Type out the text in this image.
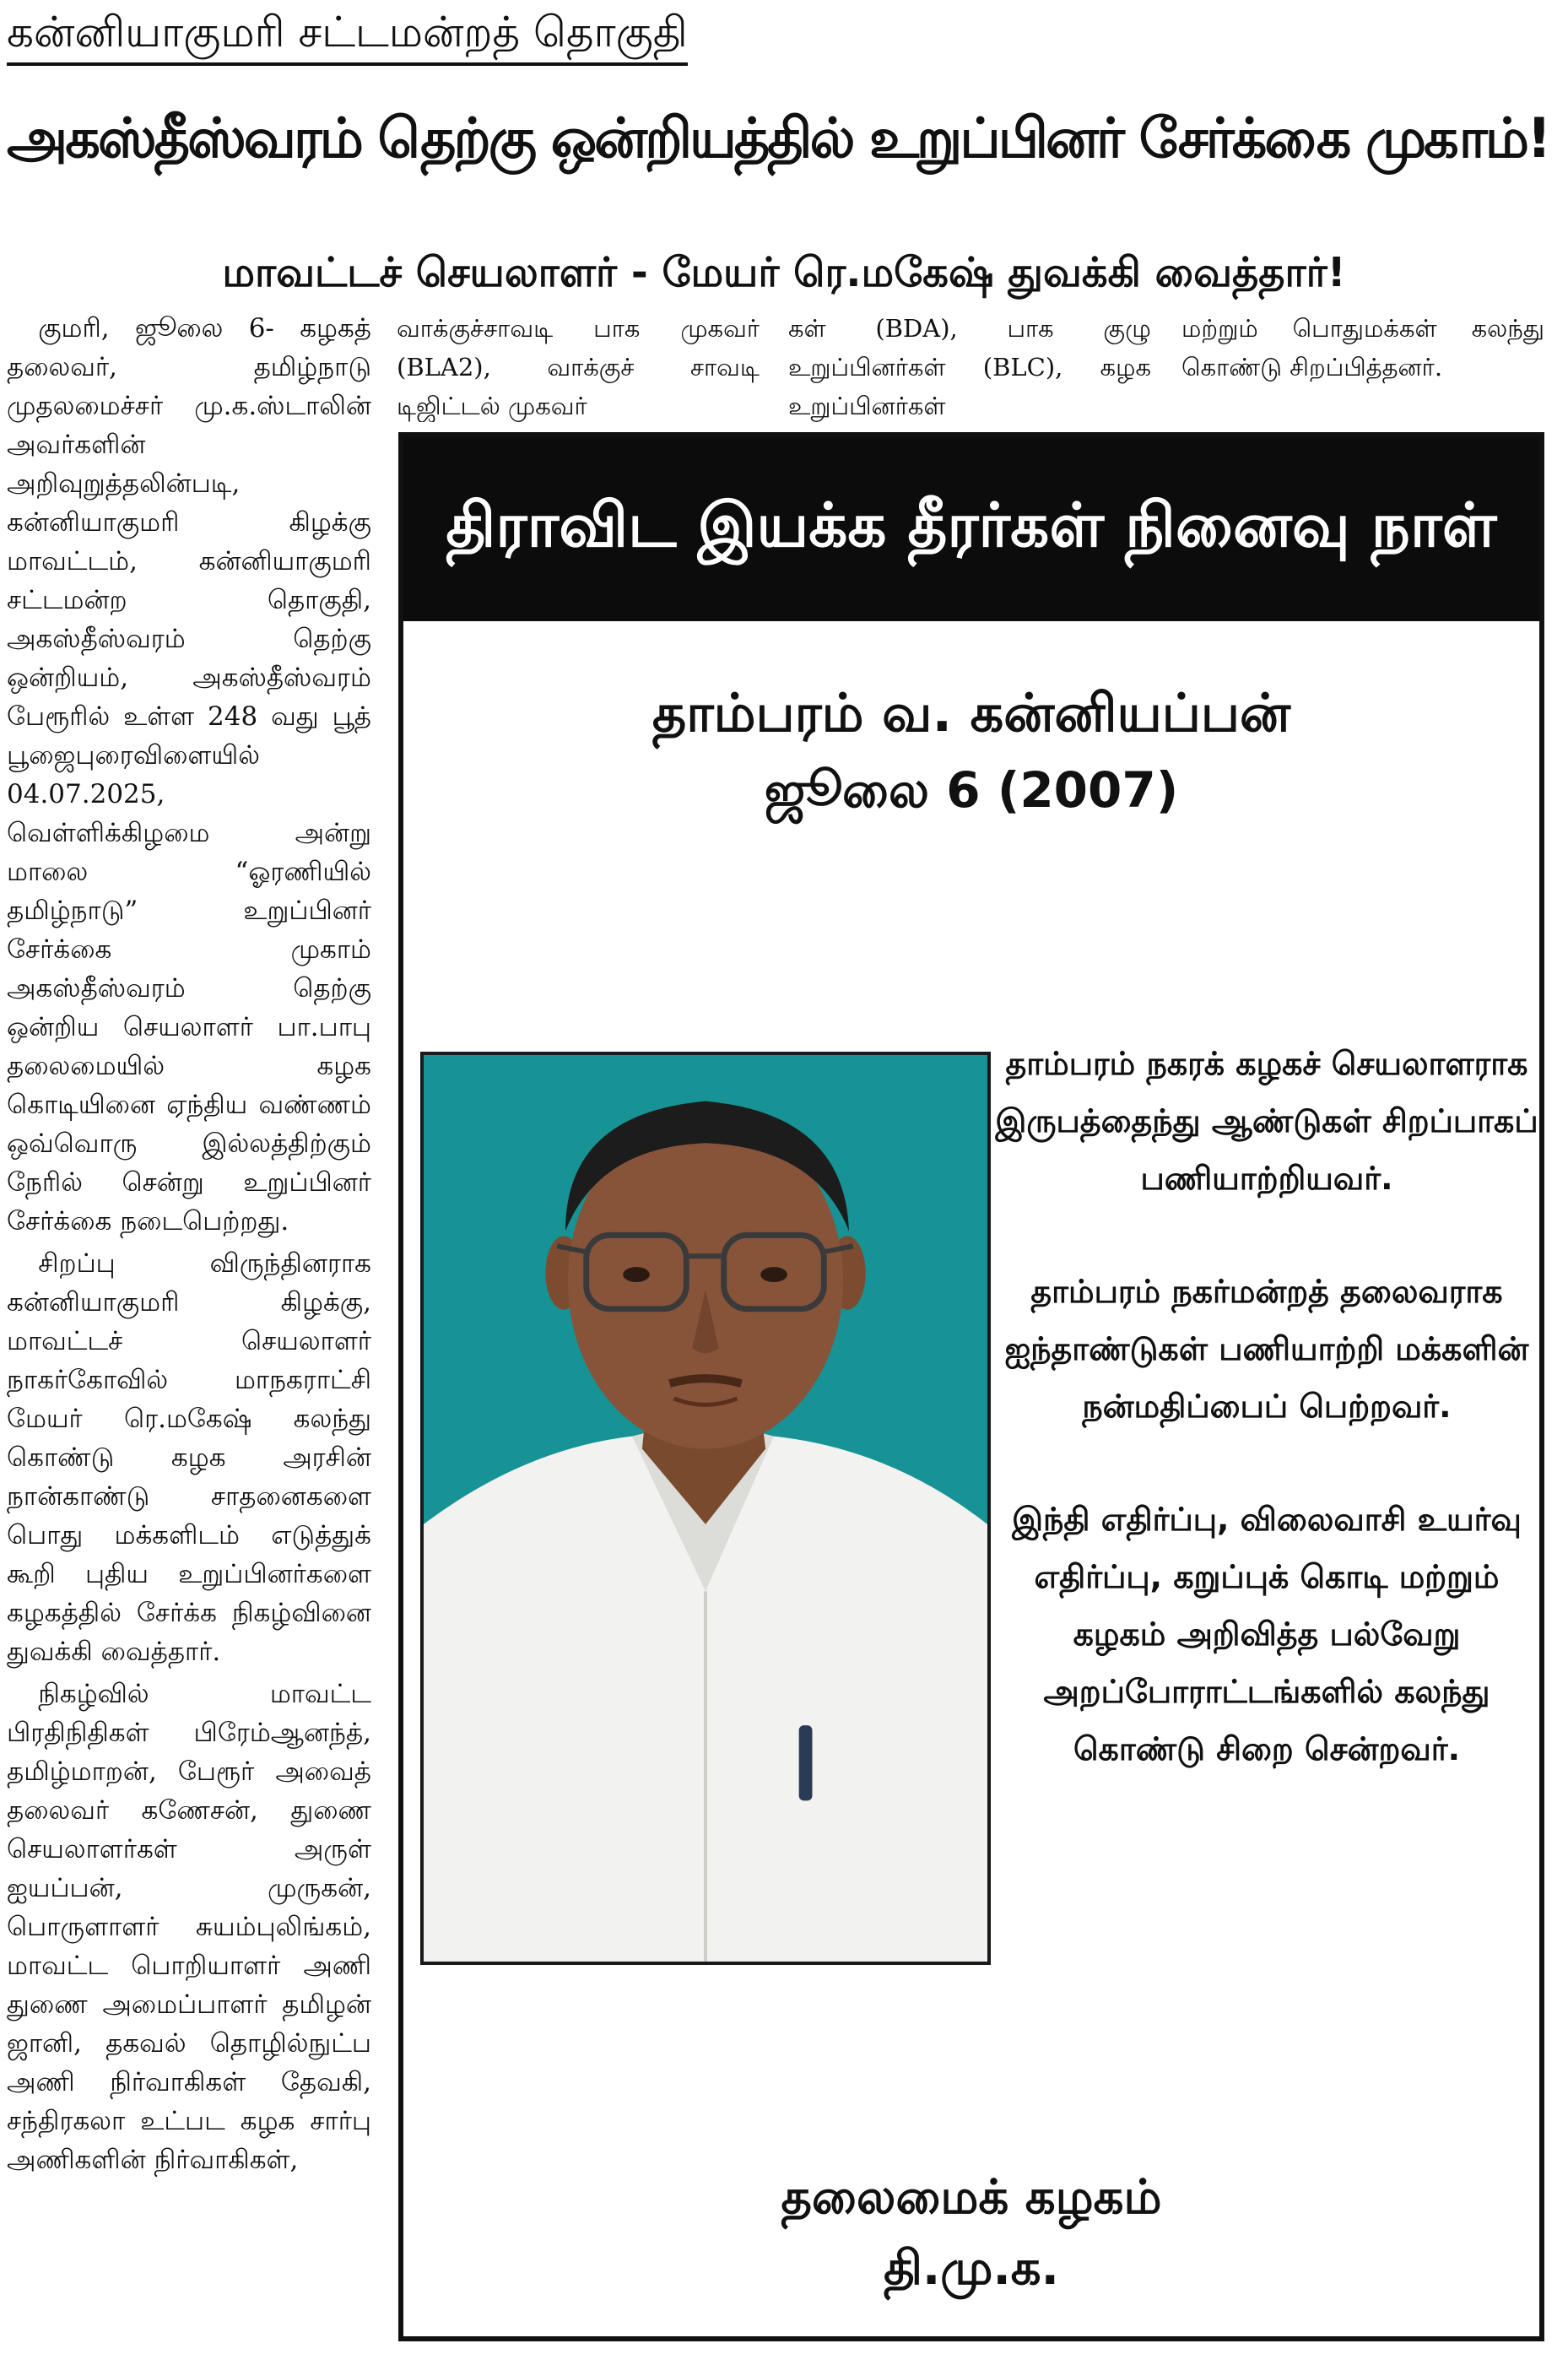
கன்னியாகுமரி சட்டமன்றத் தொகுதி
அகஸ்தீஸ்வரம் தெற்கு ஒன்றியத்தில் உறுப்பினர் சேர்க்கை முகாம்!
மாவட்டச் செயலாளர் - மேயர் ரெ.மகேஷ் துவக்கி வைத்தார்!

குமரி, ஜூலை 6- கழகத் தலைவர், தமிழ்நாடு முதலமைச்சர் மு.க.ஸ்டாலின் அவர்களின் அறிவுறுத்தலின்படி, கன்னியாகுமரி கிழக்கு மாவட்டம், கன்னியாகுமரி சட்டமன்ற தொகுதி, அகஸ்தீஸ்வரம் தெற்கு ஒன்றியம், அகஸ்தீஸ்வரம் பேரூரில் உள்ள 248 வது பூத் பூஜைபுரைவிளையில் 04.07.2025, வெள்ளிக்கிழமை அன்று மாலை “ஓரணியில் தமிழ்நாடு” உறுப்பினர் சேர்க்கை முகாம் அகஸ்தீஸ்வரம் தெற்கு ஒன்றிய செயலாளர் பா.பாபு தலைமையில் கழக கொடியினை ஏந்திய வண்ணம் ஒவ்வொரு இல்லத்திற்கும் நேரில் சென்று உறுப்பினர் சேர்க்கை நடைபெற்றது.

சிறப்பு விருந்தினராக கன்னியாகுமரி கிழக்கு, மாவட்டச் செயலாளர் நாகர்கோவில் மாநகராட்சி மேயர் ரெ.மகேஷ் கலந்து கொண்டு கழக அரசின் நான்காண்டு சாதனைகளை பொது மக்களிடம் எடுத்துக் கூறி புதிய உறுப்பினர்களை கழகத்தில் சேர்க்க நிகழ்வினை துவக்கி வைத்தார்.

நிகழ்வில் மாவட்ட பிரதிநிதிகள் பிரேம்ஆனந்த், தமிழ்மாறன், பேரூர் அவைத் தலைவர் கணேசன், துணை செயலாளர்கள் அருள் ஐயப்பன், முருகன், பொருளாளர் சுயம்புலிங்கம், மாவட்ட பொறியாளர் அணி துணை அமைப்பாளர் தமிழன் ஜானி, தகவல் தொழில்நுட்ப அணி நிர்வாகிகள் தேவகி, சந்திரகலா உட்பட கழக சார்பு அணிகளின் நிர்வாகிகள்,

வாக்குச்சாவடி பாக முகவர் (BLA2), வாக்குச் சாவடி டிஜிட்டல் முகவர்
கள் (BDA), பாக குழு உறுப்பினர்கள் (BLC), கழக உறுப்பினர்கள்
மற்றும் பொதுமக்கள் கலந்து கொண்டு சிறப்பித்தனர்.
திராவிட இயக்க தீரர்கள் நினைவு நாள்
தாம்பரம் வ. கன்னியப்பன்
ஜூலை 6 (2007)

தாம்பரம் நகரக் கழகச் செயலாளராக இருபத்தைந்து ஆண்டுகள் சிறப்பாகப் பணியாற்றியவர்.

தாம்பரம் நகர்மன்றத் தலைவராக ஐந்தாண்டுகள் பணியாற்றி மக்களின் நன்மதிப்பைப் பெற்றவர்.

இந்தி எதிர்ப்பு, விலைவாசி உயர்வு எதிர்ப்பு, கறுப்புக் கொடி மற்றும் கழகம் அறிவித்த பல்வேறு அறப்போராட்டங்களில் கலந்து கொண்டு சிறை சென்றவர்.

தலைமைக் கழகம்
தி.மு.க.
